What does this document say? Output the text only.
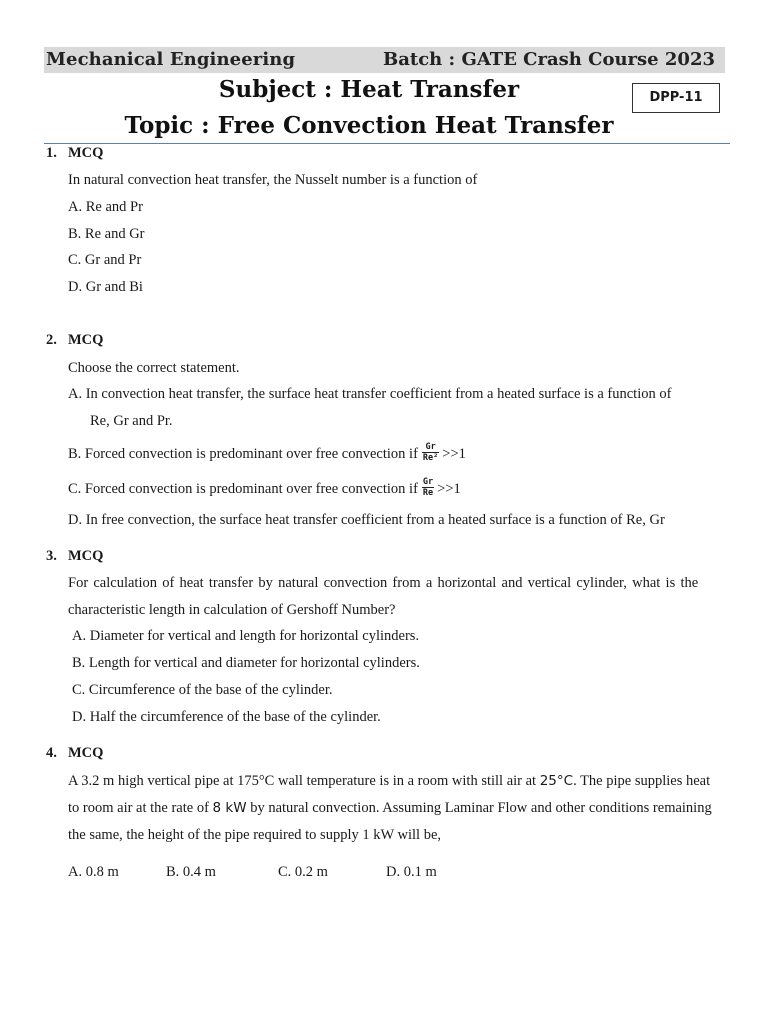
Mechanical Engineering	Batch : GATE Crash Course 2023
Subject : Heat Transfer
Topic : Free Convection Heat Transfer
DPP-11
1. MCQ
In natural convection heat transfer, the Nusselt number is a function of
A. Re and Pr
B. Re and Gr
C. Gr and Pr
D. Gr and Bi
2. MCQ
Choose the correct statement.
A. In convection heat transfer, the surface heat transfer coefficient from a heated surface is a function of
Re, Gr and Pr.
B. Forced convection is predominant over free convection if $\frac{Gr}{\text{Re²}} >>1$
C. Forced convection is predominant over free convection if $\frac{Gr}{Re} >>1$
D. In free convection, the surface heat transfer coefficient from a heated surface is a function of Re, Gr
3. MCQ
For calculation of heat transfer by natural convection from a horizontal and vertical cylinder, what is the
characteristic length in calculation of Gershoff Number?
A. Diameter for vertical and length for horizontal cylinders.
B. Length for vertical and diameter for horizontal cylinders.
C. Circumference of the base of the cylinder.
D. Half the circumference of the base of the cylinder.
4. MCQ
A 3.2 m high vertical pipe at 175°C wall temperature is in a room with still air at 25°C. The pipe supplies heat
to room air at the rate of 8 kW by natural convection. Assuming Laminar Flow and other conditions remaining
the same, the height of the pipe required to supply 1 kW will be,
A. 0.8 m	B. 0.4 m	C. 0.2 m	D. 0.1 m
